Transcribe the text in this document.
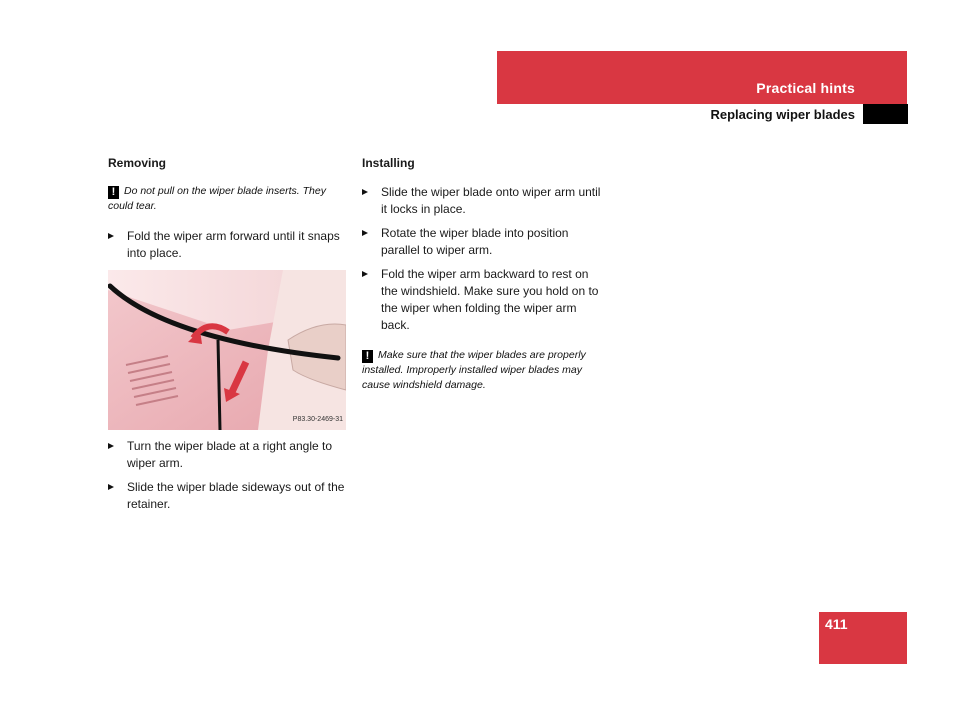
Practical hints
Replacing wiper blades
Removing
! Do not pull on the wiper blade inserts. They could tear.
Fold the wiper arm forward until it snaps into place.
P83.30-2469-31
Turn the wiper blade at a right angle to wiper arm.
Slide the wiper blade sideways out of the retainer.
Installing
Slide the wiper blade onto wiper arm until it locks in place.
Rotate the wiper blade into position parallel to wiper arm.
Fold the wiper arm backward to rest on the windshield. Make sure you hold on to the wiper when folding the wiper arm back.
! Make sure that the wiper blades are properly installed. Improperly installed wiper blades may cause windshield damage.
411
